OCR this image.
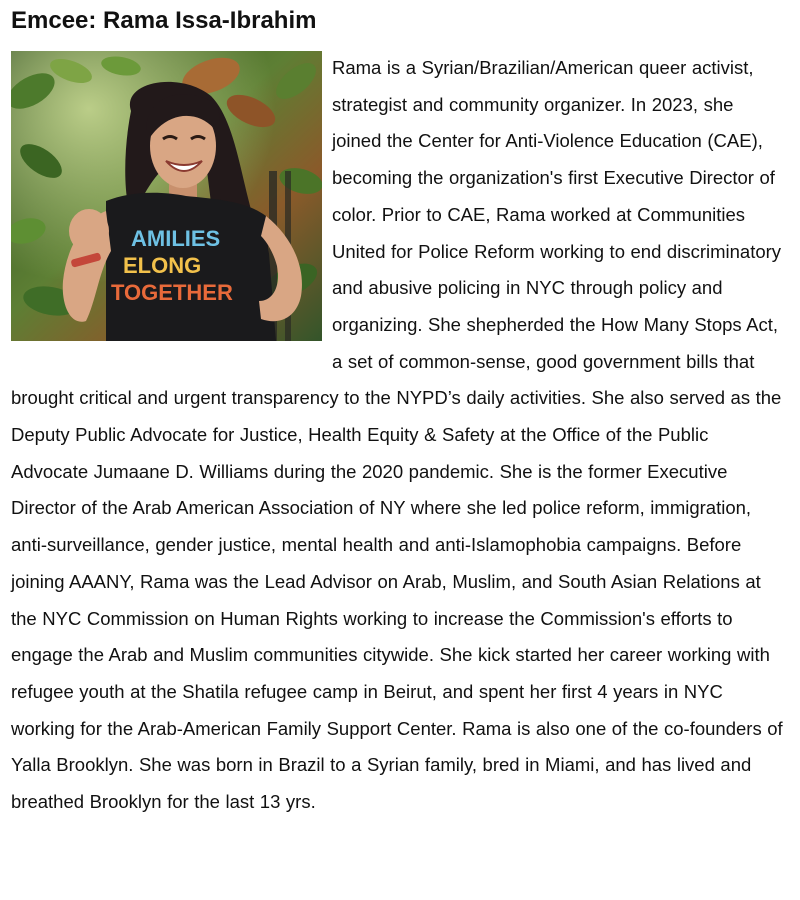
Emcee: Rama Issa-Ibrahim
AMILIES
ELONG
TOGETHER
Rama is a Syrian/Brazilian/American queer activist, strategist and community organizer. In 2023, she joined the Center for Anti-Violence Education (CAE), becoming the organization's first Executive Director of color. Prior to CAE, Rama worked at Communities United for Police Reform working to end discriminatory and abusive policing in NYC through policy and organizing. She shepherded the How Many Stops Act, a set of common-sense, good government bills that brought critical and urgent transparency to the NYPD’s daily activities. She also served as the Deputy Public Advocate for Justice, Health Equity & Safety at the Office of the Public Advocate Jumaane D. Williams during the 2020 pandemic. She is the former Executive Director of the Arab American Association of NY where she led police reform, immigration, anti-surveillance, gender justice, mental health and anti-Islamophobia campaigns. Before joining AAANY, Rama was the Lead Advisor on Arab, Muslim, and South Asian Relations at the NYC Commission on Human Rights working to increase the Commission's efforts to engage the Arab and Muslim communities citywide. She kick started her career working with refugee youth at the Shatila refugee camp in Beirut, and spent her first 4 years in NYC working for the Arab-American Family Support Center. Rama is also one of the co-founders of Yalla Brooklyn. She was born in Brazil to a Syrian family, bred in Miami, and has lived and breathed Brooklyn for the last 13 yrs.
